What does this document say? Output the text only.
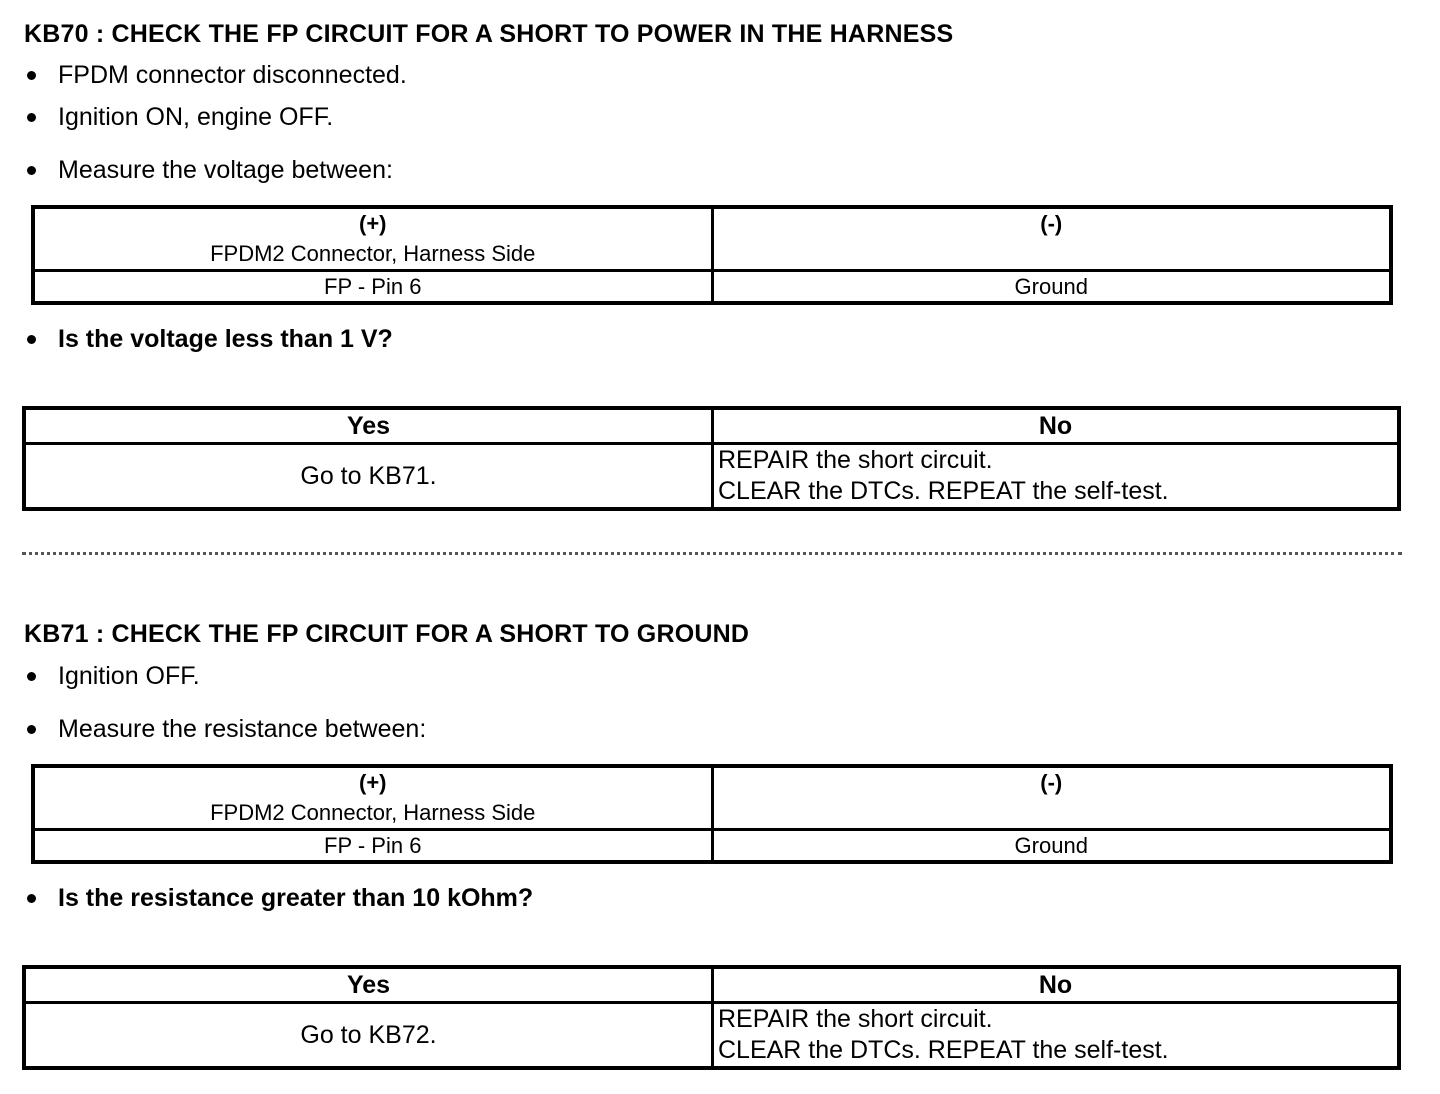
KB70 : CHECK THE FP CIRCUIT FOR A SHORT TO POWER IN THE HARNESS
FPDM connector disconnected.
Ignition ON, engine OFF.
Measure the voltage between:
(+)
FPDM2 Connector, Harness Side	(-)

FP - Pin 6	Ground
Is the voltage less than 1 V?
Yes	No
Go to KB71.	REPAIR the short circuit.
CLEAR the DTCs. REPEAT the self-test.
KB71 : CHECK THE FP CIRCUIT FOR A SHORT TO GROUND
Ignition OFF.
Measure the resistance between:
(+)
FPDM2 Connector, Harness Side	(-)

FP - Pin 6	Ground
Is the resistance greater than 10 kOhm?
Yes	No
Go to KB72.	REPAIR the short circuit.
CLEAR the DTCs. REPEAT the self-test.
